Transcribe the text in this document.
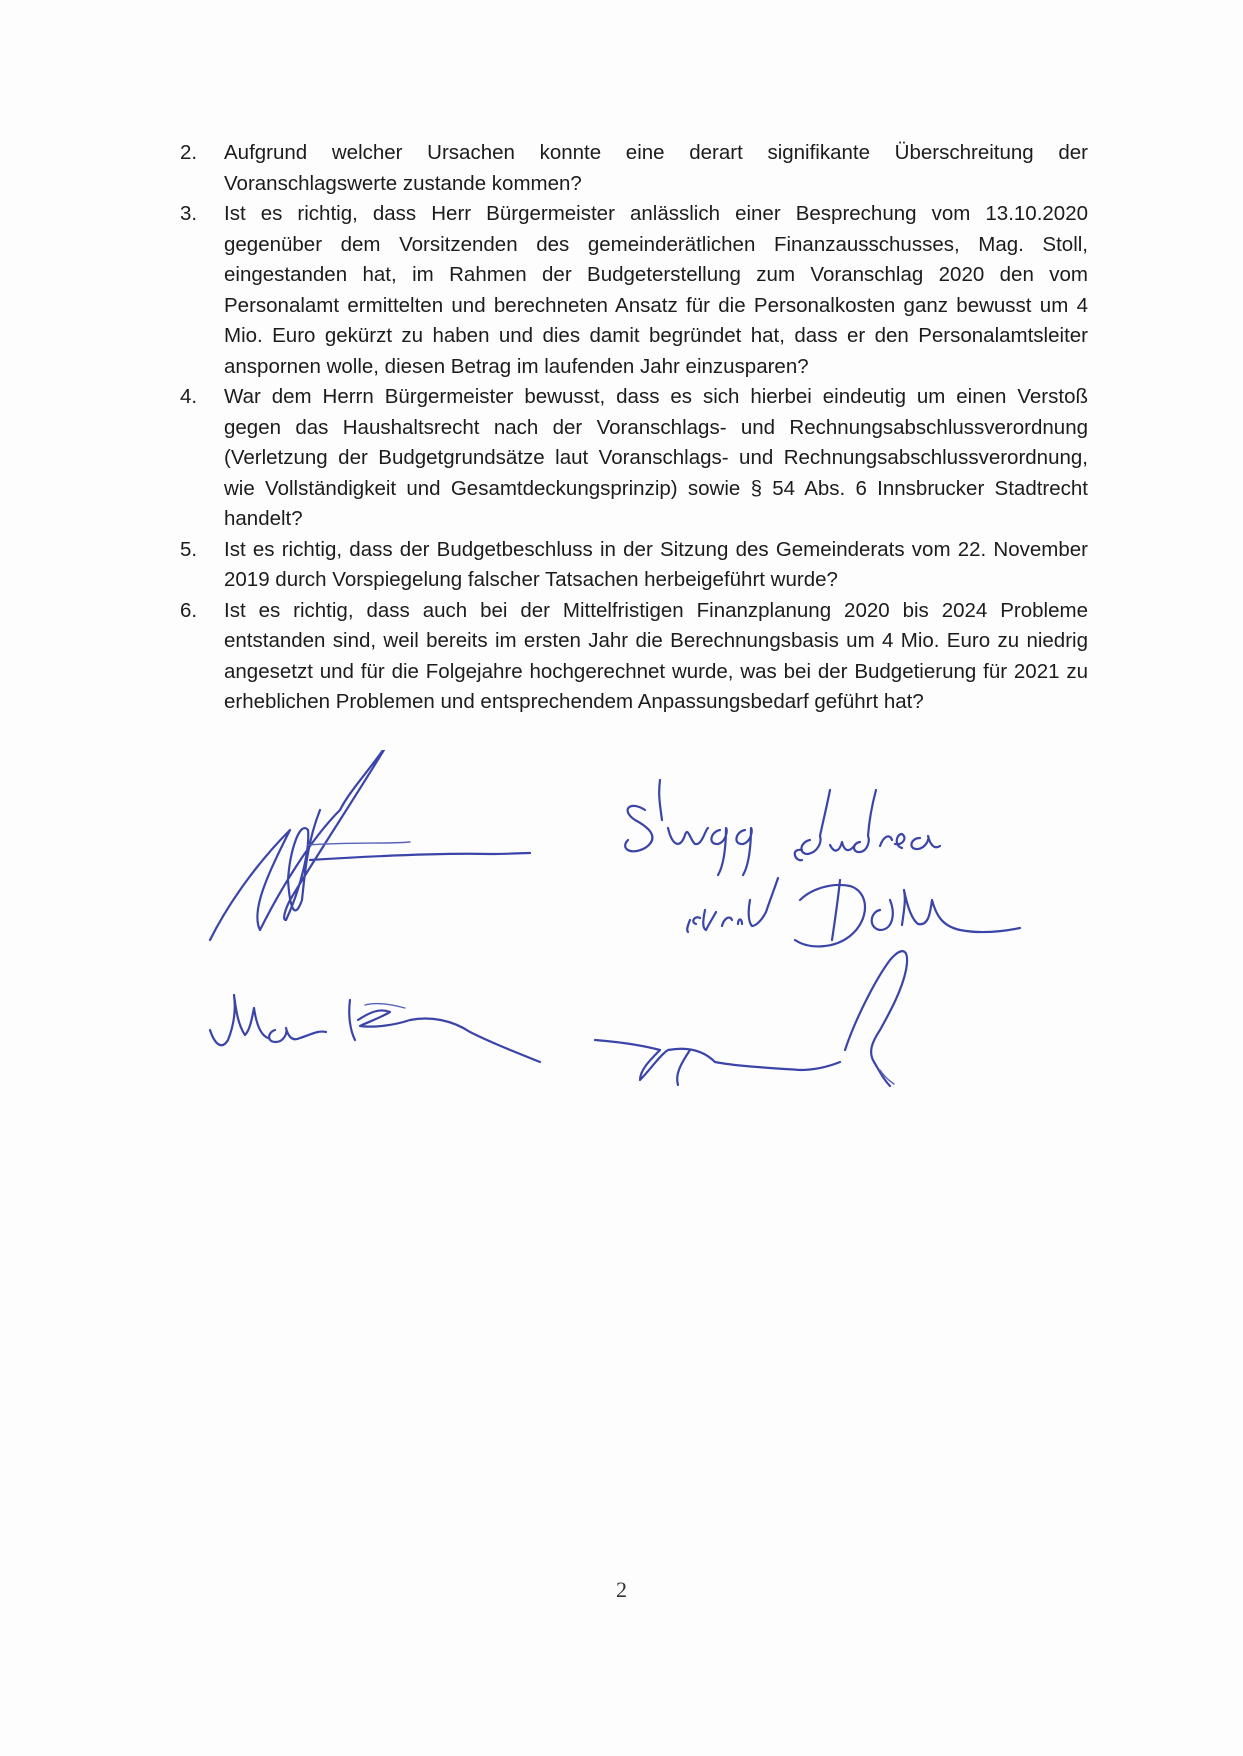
2.	Aufgrund welcher Ursachen konnte eine derart signifikante Überschreitung der Voranschlagswerte zustande kommen?
3.	Ist es richtig, dass Herr Bürgermeister anlässlich einer Besprechung vom 13.10.2020 gegenüber dem Vorsitzenden des gemeinderätlichen Finanzausschusses, Mag. Stoll, eingestanden hat, im Rahmen der Budgeterstellung zum Voranschlag 2020 den vom Personalamt ermittelten und berechneten Ansatz für die Personalkosten ganz bewusst um 4 Mio. Euro gekürzt zu haben und dies damit begründet hat, dass er den Personalamtsleiter anspornen wolle, diesen Betrag im laufenden Jahr einzusparen?
4.	War dem Herrn Bürgermeister bewusst, dass es sich hierbei eindeutig um einen Verstoß gegen das Haushaltsrecht nach der Voranschlags- und Rechnungsabschlussverordnung (Verletzung der Budgetgrundsätze laut Voranschlags- und Rechnungsabschlussverordnung, wie Vollständigkeit und Gesamtdeckungsprinzip) sowie § 54 Abs. 6 Innsbrucker Stadtrecht handelt?
5.	Ist es richtig, dass der Budgetbeschluss in der Sitzung des Gemeinderats vom 22. November 2019 durch Vorspiegelung falscher Tatsachen herbeigeführt wurde?
6.	Ist es richtig, dass auch bei der Mittelfristigen Finanzplanung 2020 bis 2024 Probleme entstanden sind, weil bereits im ersten Jahr die Berechnungsbasis um 4 Mio. Euro zu niedrig angesetzt und für die Folgejahre hochgerechnet wurde, was bei der Budgetierung für 2021 zu erheblichen Problemen und entsprechendem Anpassungsbedarf geführt hat?
2
